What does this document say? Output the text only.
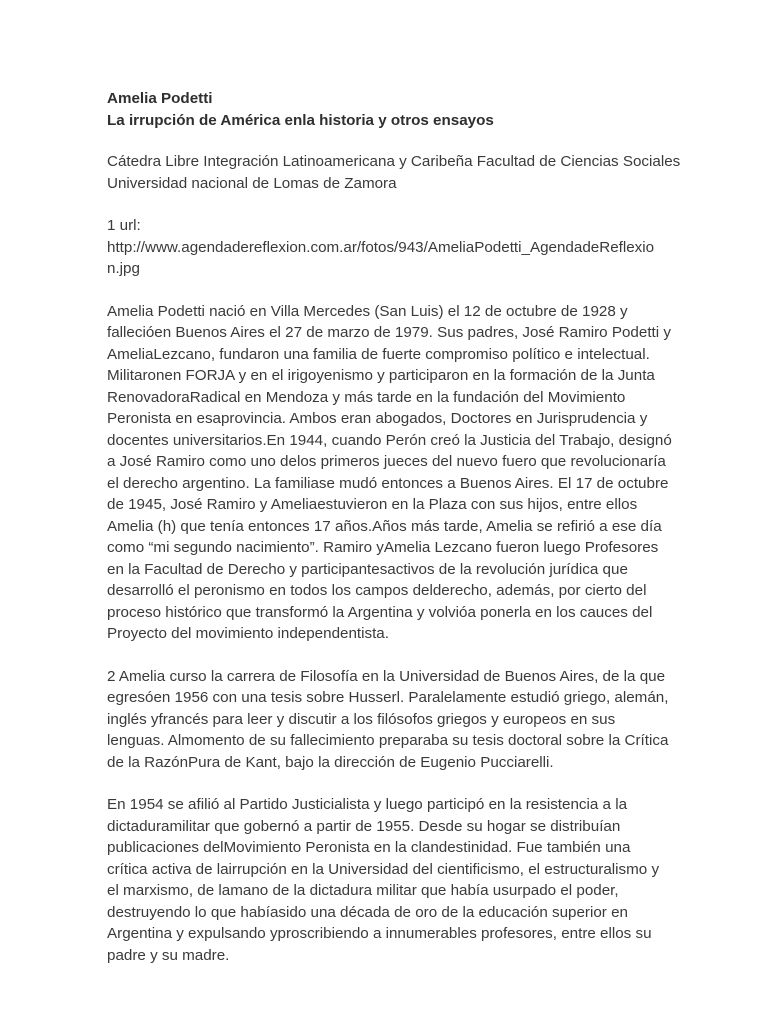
Amelia Podetti
La irrupción de América enla historia y otros ensayos
Cátedra Libre Integración Latinoamericana y Caribeña Facultad de Ciencias Sociales
Universidad nacional de Lomas de Zamora
1 url:
http://www.agendadereflexion.com.ar/fotos/943/AmeliaPodetti_AgendadeReflexio
n.jpg
Amelia Podetti nació en Villa Mercedes (San Luis) el 12 de octubre de 1928 y
fallecióen Buenos Aires el 27 de marzo de 1979. Sus padres, José Ramiro Podetti y
AmeliaLezcano, fundaron una familia de fuerte compromiso político e intelectual.
Militaronen FORJA y en el irigoyenismo y participaron en la formación de la Junta
RenovadoraRadical en Mendoza y más tarde en la fundación del Movimiento
Peronista en esaprovincia. Ambos eran abogados, Doctores en Jurisprudencia y
docentes universitarios.En 1944, cuando Perón creó la Justicia del Trabajo, designó
a José Ramiro como uno delos primeros jueces del nuevo fuero que revolucionaría
el derecho argentino. La familiase mudó entonces a Buenos Aires. El 17 de octubre
de 1945, José Ramiro y Ameliaestuvieron en la Plaza con sus hijos, entre ellos
Amelia (h) que tenía entonces 17 años.Años más tarde, Amelia se refirió a ese día
como “mi segundo nacimiento”. Ramiro yAmelia Lezcano fueron luego Profesores
en la Facultad de Derecho y participantesactivos de la revolución jurídica que
desarrolló el peronismo en todos los campos delderecho, además, por cierto del
proceso histórico que transformó la Argentina y volvióa ponerla en los cauces del
Proyecto del movimiento independentista.
2 Amelia curso la carrera de Filosofía en la Universidad de Buenos Aires, de la que
egresóen 1956 con una tesis sobre Husserl. Paralelamente estudió griego, alemán,
inglés yfrancés para leer y discutir a los filósofos griegos y europeos en sus
lenguas. Almomento de su fallecimiento preparaba su tesis doctoral sobre la Crítica
de la RazónPura de Kant, bajo la dirección de Eugenio Pucciarelli.
En 1954 se afilió al Partido Justicialista y luego participó en la resistencia a la
dictaduramilitar que gobernó a partir de 1955. Desde su hogar se distribuían
publicaciones delMovimiento Peronista en la clandestinidad. Fue también una
crítica activa de lairrupción en la Universidad del cientificismo, el estructuralismo y
el marxismo, de lamano de la dictadura militar que había usurpado el poder,
destruyendo lo que habíasido una década de oro de la educación superior en
Argentina y expulsando yproscribiendo a innumerables profesores, entre ellos su
padre y su madre.
